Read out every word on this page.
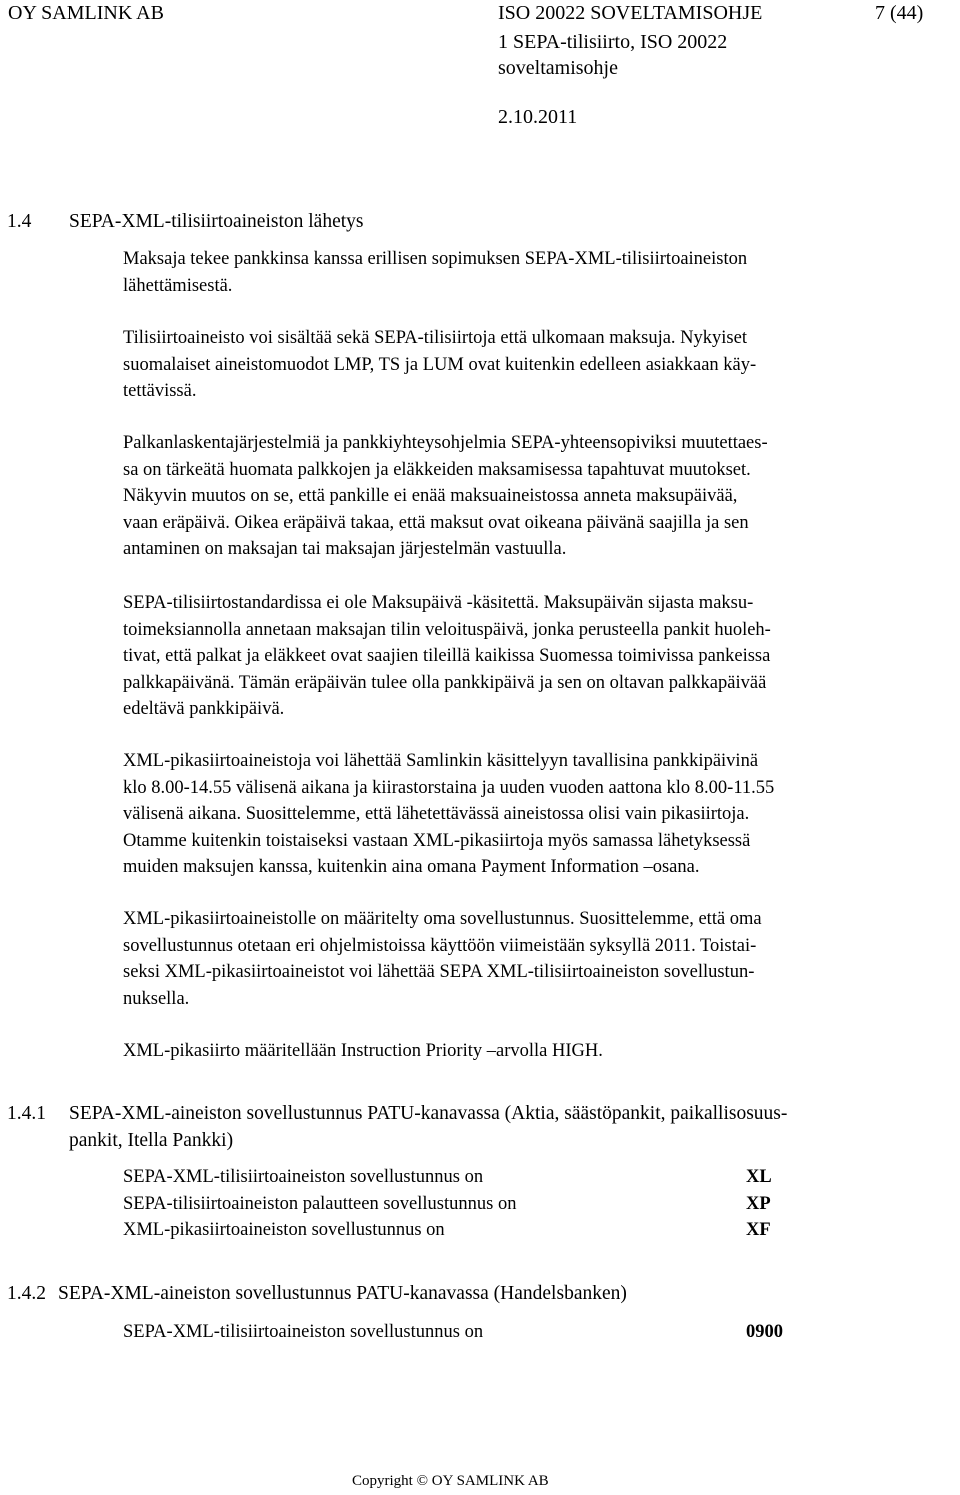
OY SAMLINK AB	ISO 20022 SOVELTAMISOHJE	7 (44)
1 SEPA-tilisiirto, ISO 20022
soveltamisohje
2.10.2011
1.4 SEPA-XML-tilisiirtoaineiston lähetys
Maksaja tekee pankkinsa kanssa erillisen sopimuksen SEPA-XML-tilisiirtoaineiston
lähettämisestä.
Tilisiirtoaineisto voi sisältää sekä SEPA-tilisiirtoja että ulkomaan maksuja. Nykyiset
suomalaiset aineistomuodot LMP, TS ja LUM ovat kuitenkin edelleen asiakkaan käy-
tettävissä.
Palkanlaskentajärjestelmiä ja pankkiyhteysohjelmia SEPA-yhteensopiviksi muutettaes-
sa on tärkeätä huomata palkkojen ja eläkkeiden maksamisessa tapahtuvat muutokset.
Näkyvin muutos on se, että pankille ei enää maksuaineistossa anneta maksupäivää,
vaan eräpäivä. Oikea eräpäivä takaa, että maksut ovat oikeana päivänä saajilla ja sen
antaminen on maksajan tai maksajan järjestelmän vastuulla.
SEPA-tilisiirtostandardissa ei ole Maksupäivä -käsitettä. Maksupäivän sijasta maksu-
toimeksiannolla annetaan maksajan tilin veloituspäivä, jonka perusteella pankit huoleh-
tivat, että palkat ja eläkkeet ovat saajien tileillä kaikissa Suomessa toimivissa pankeissa
palkkapäivänä. Tämän eräpäivän tulee olla pankkipäivä ja sen on oltavan palkkapäivää
edeltävä pankkipäivä.
XML-pikasiirtoaineistoja voi lähettää Samlinkin käsittelyyn tavallisina pankkipäivinä
klo 8.00-14.55 välisenä aikana ja kiirastorstaina ja uuden vuoden aattona klo 8.00-11.55
välisenä aikana. Suosittelemme, että lähetettävässä aineistossa olisi vain pikasiirtoja.
Otamme kuitenkin toistaiseksi vastaan XML-pikasiirtoja myös samassa lähetyksessä
muiden maksujen kanssa, kuitenkin aina omana Payment Information –osana.
XML-pikasiirtoaineistolle on määritelty oma sovellustunnus. Suosittelemme, että oma
sovellustunnus otetaan eri ohjelmistoissa käyttöön viimeistään syksyllä 2011. Toistai-
seksi XML-pikasiirtoaineistot voi lähettää SEPA XML-tilisiirtoaineiston sovellustun-
nuksella.
XML-pikasiirto määritellään Instruction Priority –arvolla HIGH.
1.4.1 SEPA-XML-aineiston sovellustunnus PATU-kanavassa (Aktia, säästöpankit, paikallisosuus-
pankit, Itella Pankki)
SEPA-XML-tilisiirtoaineiston sovellustunnus on	XL
SEPA-tilisiirtoaineiston palautteen sovellustunnus on	XP
XML-pikasiirtoaineiston sovellustunnus on	XF
1.4.2 SEPA-XML-aineiston sovellustunnus PATU-kanavassa (Handelsbanken)
SEPA-XML-tilisiirtoaineiston sovellustunnus on	0900
Copyright © OY SAMLINK AB
